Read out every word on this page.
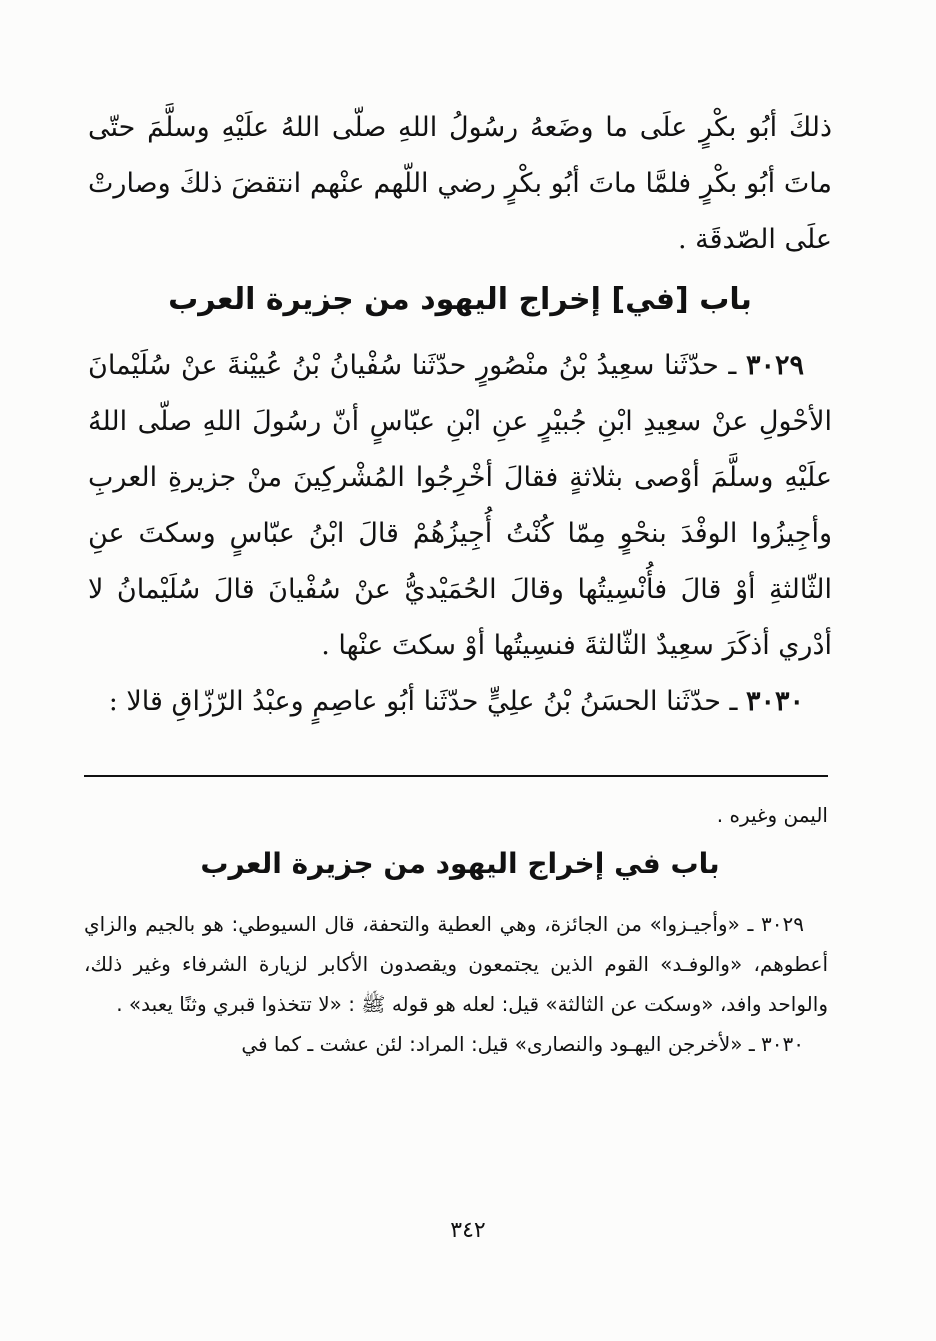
ذلكَ أبُو بكْرٍ علَى ما وضَعهُ رسُولُ اللهِ صلّى اللهُ علَيْهِ وسلَّمَ حتّى ماتَ أبُو بكْرٍ فلمَّا ماتَ أبُو بكْرٍ رضي اللّهم عنْهم انتقضَ ذلكَ وصارتْ علَى الصّدقَة .

باب [في] إخراج اليهود من جزيرة العرب

٣٠٢٩ ـ حدّثَنا سعِيدُ بْنُ منْصُورٍ حدّثَنا سُفْيانُ بْنُ عُييْنةَ عنْ سُلَيْمانَ الأحْولِ عنْ سعِيدِ ابْنِ جُبيْرٍ عنِ ابْنِ عبّاسٍ أنّ رسُولَ اللهِ صلّى اللهُ علَيْهِ وسلَّمَ أوْصى بثلاثةٍ فقالَ أخْرِجُوا المُشْركِينَ منْ جزيرةِ العربِ وأجِيزُوا الوفْدَ بنحْوٍ مِمّا كُنْتُ أُجِيزُهُمْ قالَ ابْنُ عبّاسٍ وسكتَ عنِ الثّالثةِ أوْ قالَ فأُنْسِيتُها وقالَ الحُمَيْديُّ عنْ سُفْيانَ قالَ سُلَيْمانُ لا أدْري أذكَرَ سعِيدٌ الثّالثةَ فنسِيتُها أوْ سكتَ عنْها .

٣٠٣٠ ـ حدّثَنا الحسَنُ بْنُ علِيٍّ حدّثَنا أبُو عاصِمٍ وعبْدُ الرّزّاقِ قالا :

اليمن وغيره .
باب في إخراج اليهود من جزيرة العرب

٣٠٢٩ ـ «وأجيـزوا» من الجائزة، وهي العطية والتحفة، قال السيوطي: هو بالجيم والزاي أعطوهم، «والوفـد» القوم الذين يجتمعون ويقصدون الأكابر لزيارة الشرفاء وغير ذلك، والواحد وافد، «وسكت عن الثالثة» قيل: لعله هو قوله ﷺ : «لا تتخذوا قبري وثنًا يعبد» .

٣٠٣٠ ـ «لأخرجن اليهـود والنصارى» قيل: المراد: لئن عشت ـ كما في

٣٤٢
